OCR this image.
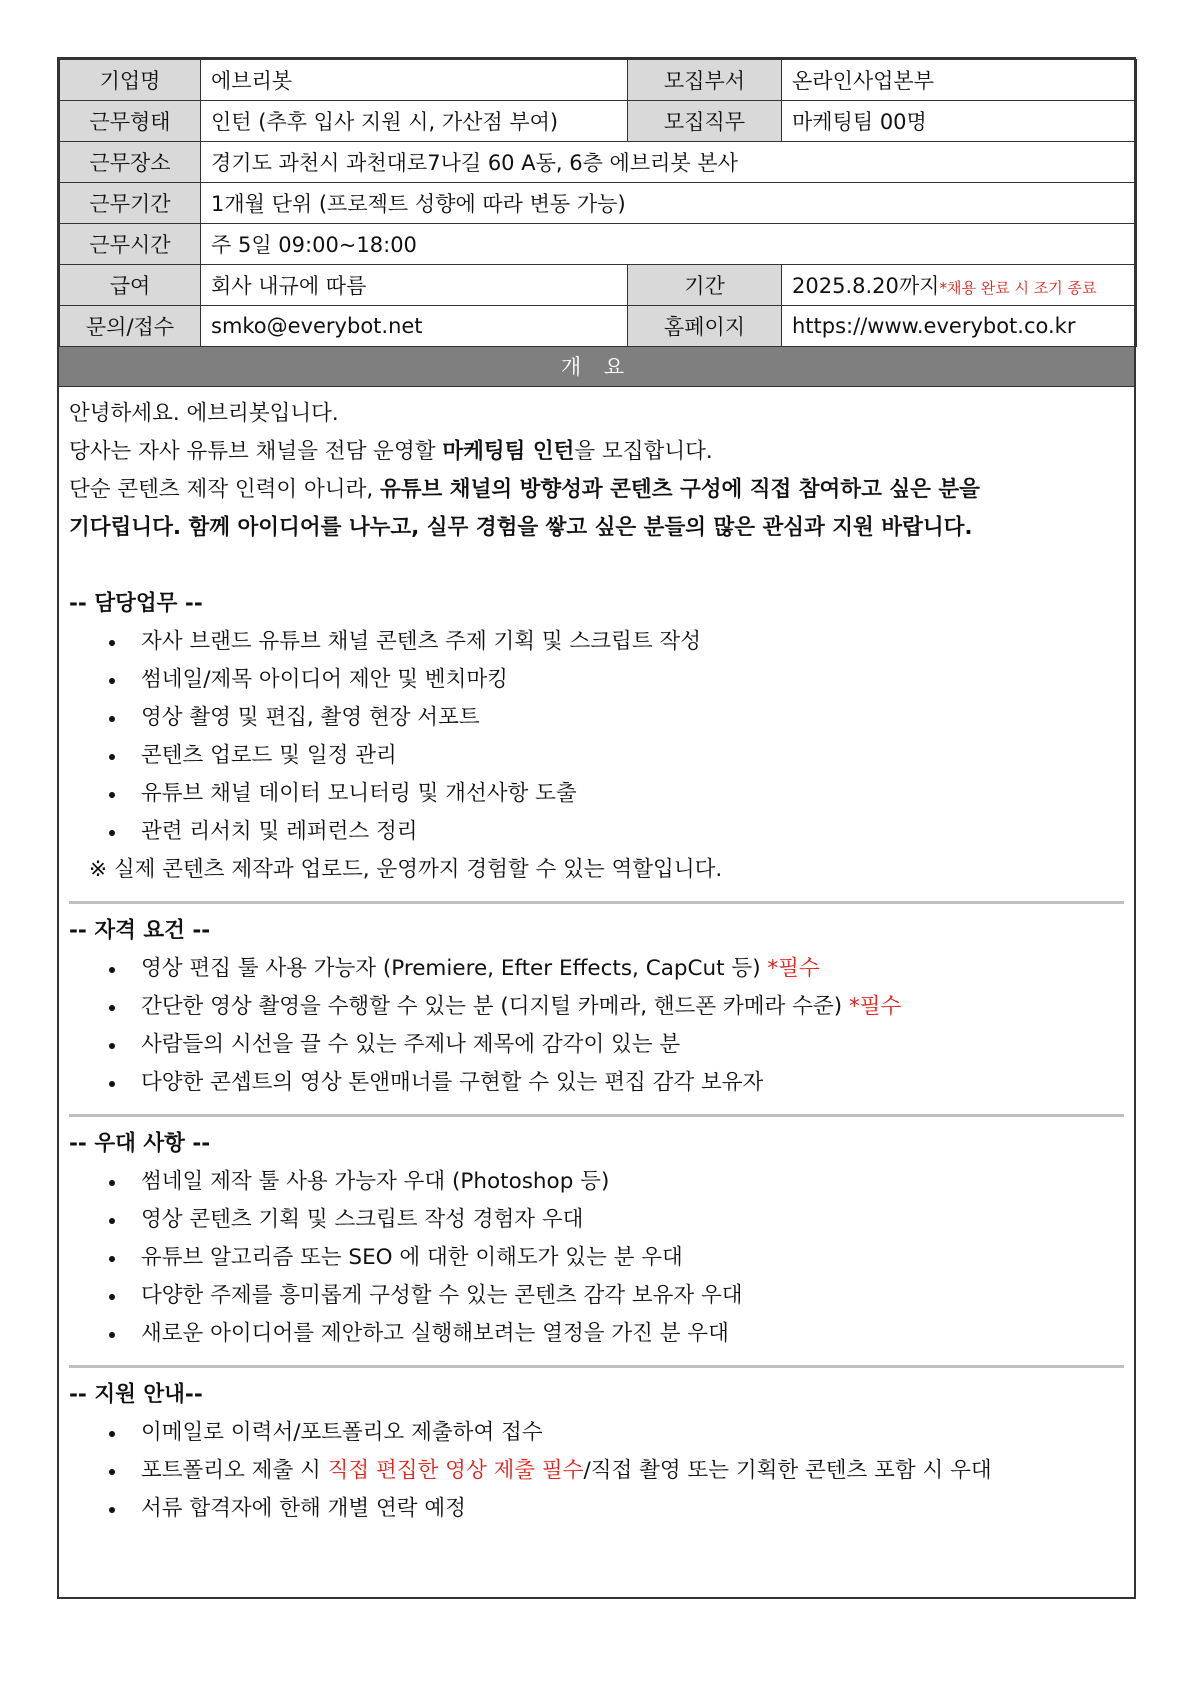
기업명	에브리봇	모집부서	온라인사업본부
근무형태	인턴 (추후 입사 지원 시, 가산점 부여)	모집직무	마케팅팀 00명
근무장소	경기도 과천시 과천대로7나길 60 A동, 6층 에브리봇 본사		
근무기간	1개월 단위 (프로젝트 성향에 따라 변동 가능)		
근무시간	주 5일 09:00~18:00		
급여	회사 내규에 따름	기간	2025.8.20까지*채용 완료 시 조기 종료
문의/접수	smko@everybot.net	홈페이지	https://www.everybot.co.kr
개 요

안녕하세요. 에브리봇입니다.

당사는 자사 유튜브 채널을 전담 운영할 마케팅팀 인턴을 모집합니다.

단순 콘텐츠 제작 인력이 아니라, 유튜브 채널의 방향성과 콘텐츠 구성에 직접 참여하고 싶은 분을

기다립니다. 함께 아이디어를 나누고, 실무 경험을 쌓고 싶은 분들의 많은 관심과 지원 바랍니다.

-- 담당업무 --
자사 브랜드 유튜브 채널 콘텐츠 주제 기획 및 스크립트 작성
썸네일/제목 아이디어 제안 및 벤치마킹
영상 촬영 및 편집, 촬영 현장 서포트
콘텐츠 업로드 및 일정 관리
유튜브 채널 데이터 모니터링 및 개선사항 도출
관련 리서치 및 레퍼런스 정리
※ 실제 콘텐츠 제작과 업로드, 운영까지 경험할 수 있는 역할입니다.
-- 자격 요건 --
영상 편집 툴 사용 가능자 (Premiere, Efter Effects, CapCut 등) *필수
간단한 영상 촬영을 수행할 수 있는 분 (디지털 카메라, 핸드폰 카메라 수준) *필수
사람들의 시선을 끌 수 있는 주제나 제목에 감각이 있는 분
다양한 콘셉트의 영상 톤앤매너를 구현할 수 있는 편집 감각 보유자
-- 우대 사항 --
썸네일 제작 툴 사용 가능자 우대 (Photoshop 등)
영상 콘텐츠 기획 및 스크립트 작성 경험자 우대
유튜브 알고리즘 또는 SEO 에 대한 이해도가 있는 분 우대
다양한 주제를 흥미롭게 구성할 수 있는 콘텐츠 감각 보유자 우대
새로운 아이디어를 제안하고 실행해보려는 열정을 가진 분 우대
-- 지원 안내--
이메일로 이력서/포트폴리오 제출하여 접수
포트폴리오 제출 시 직접 편집한 영상 제출 필수/직접 촬영 또는 기획한 콘텐츠 포함 시 우대
서류 합격자에 한해 개별 연락 예정
